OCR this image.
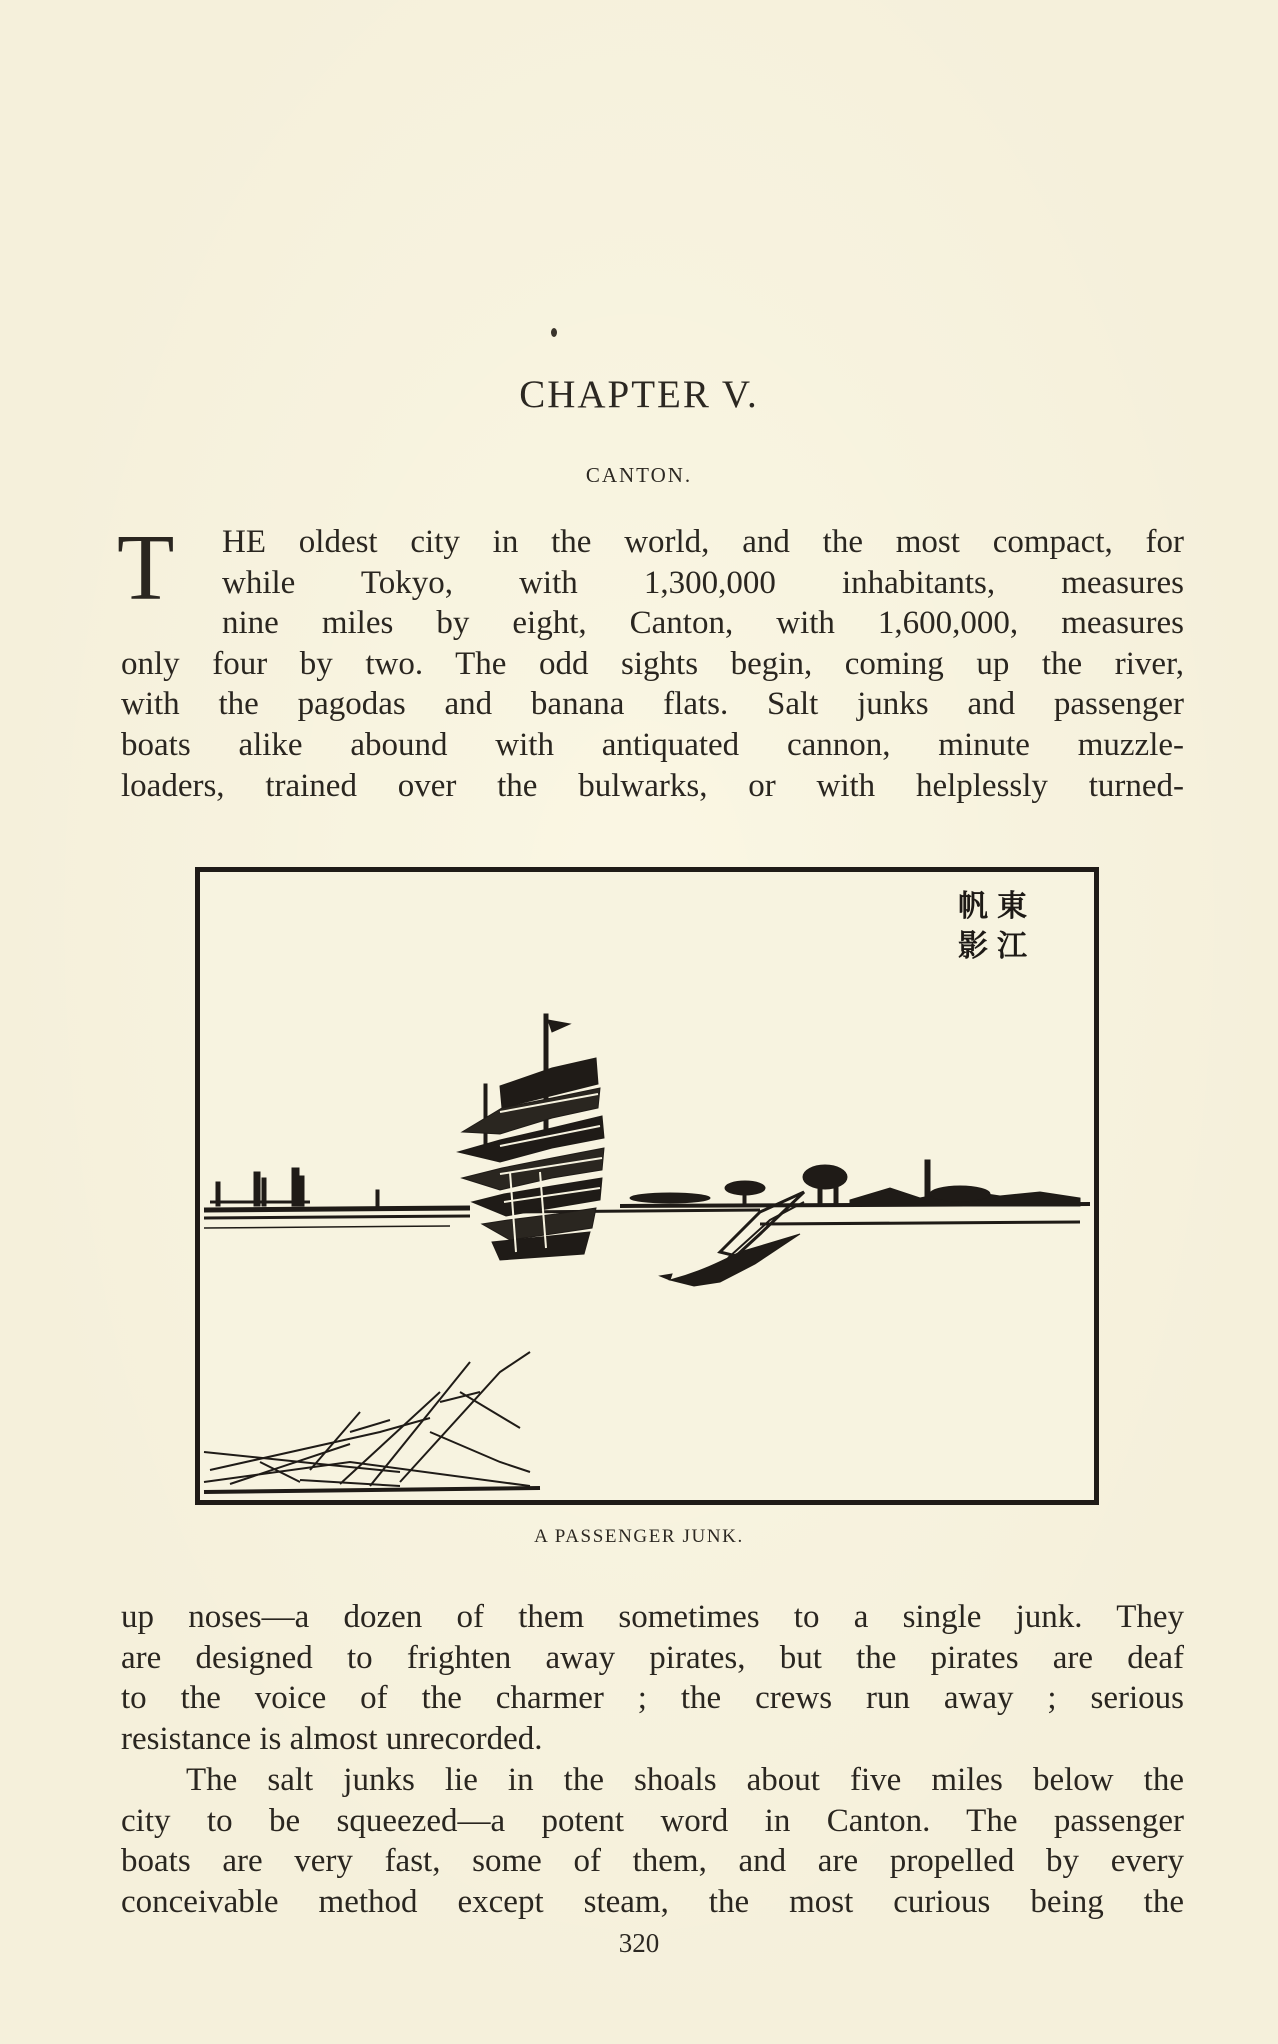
CHAPTER V.
CANTON.
T	HE oldest city in the world, and the most compact, for
while Tokyo, with 1,300,000 inhabitants, measures
nine miles by eight, Canton, with 1,600,000, measures
only four by two. The odd sights begin, coming up the river,
with the pagodas and banana flats. Salt junks and passenger
boats alike abound with antiquated cannon, minute muzzle-
loaders, trained over the bulwarks, or with helplessly turned-
東
帆
江
影
A PASSENGER JUNK.
up noses—a dozen of them sometimes to a single junk. They
are designed to frighten away pirates, but the pirates are deaf
to the voice of the charmer ; the crews run away ; serious
resistance is almost unrecorded.
The salt junks lie in the shoals about five miles below the
city to be squeezed—a potent word in Canton. The passenger
boats are very fast, some of them, and are propelled by every
conceivable method except steam, the most curious being the
320
